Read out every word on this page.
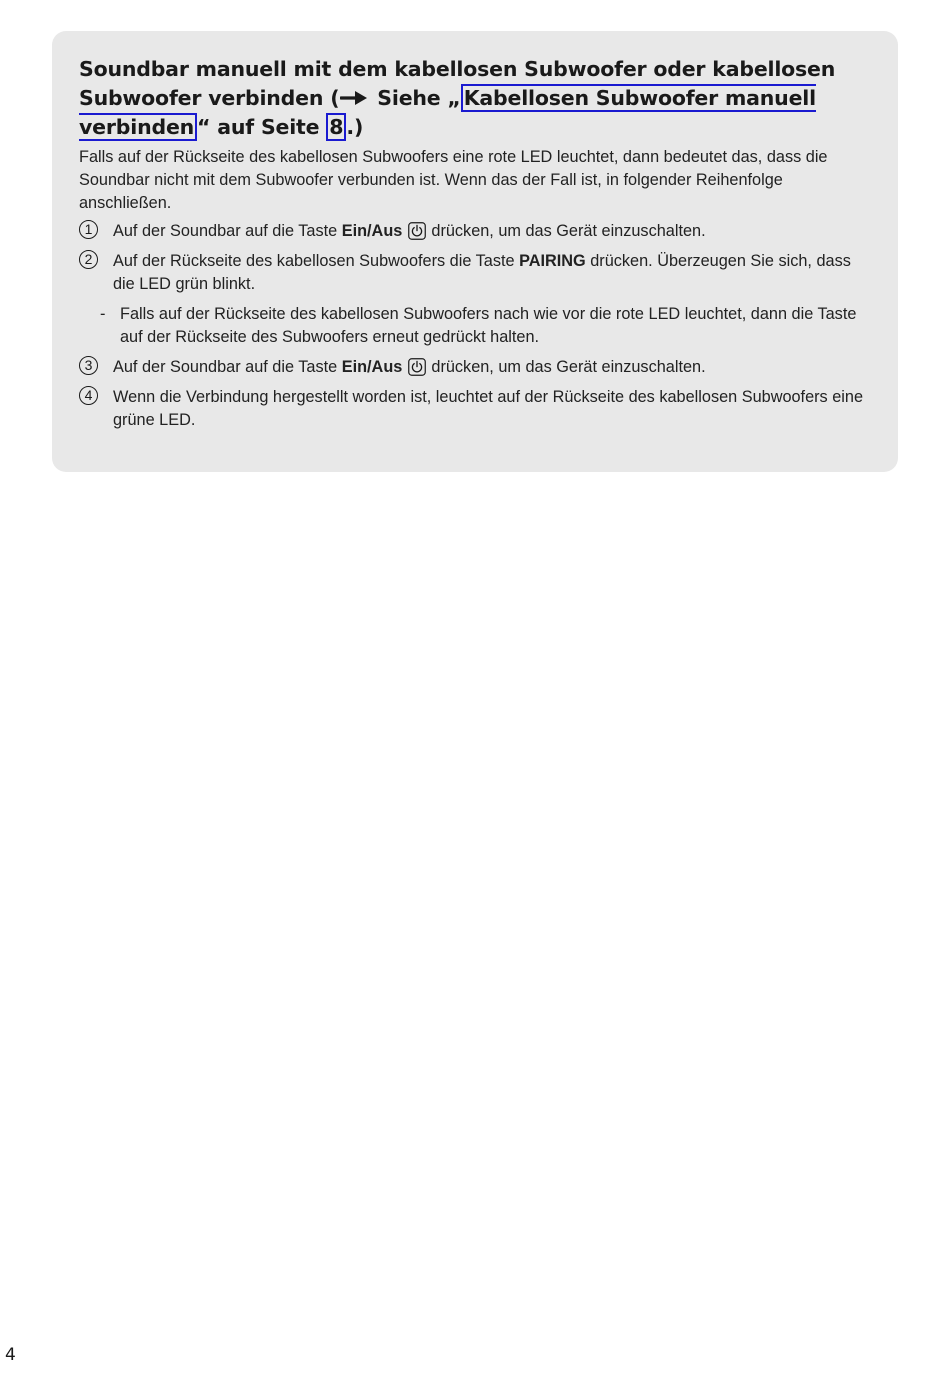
Soundbar manuell mit dem kabellosen Subwoofer oder kabellosen Subwoofer verbinden ( Siehe „ Kabellosen Subwoofer manuell verbinden “ auf Seite 8 .)

Falls auf der Rückseite des kabellosen Subwoofers eine rote LED leuchtet, dann bedeutet das, dass die Soundbar nicht mit dem Subwoofer verbunden ist. Wenn das der Fall ist, in folgender Reihenfolge anschließen.

1	Auf der Soundbar auf die Taste Ein/Aus  drücken, um das Gerät einzuschalten.
2	Auf der Rückseite des kabellosen Subwoofers die Taste PAIRING drücken. Überzeugen Sie sich, dass die LED grün blinkt.
- Falls auf der Rückseite des kabellosen Subwoofers nach wie vor die rote LED leuchtet, dann die Taste auf der Rückseite des Subwoofers erneut gedrückt halten.
3	Auf der Soundbar auf die Taste Ein/Aus  drücken, um das Gerät einzuschalten.
4	Wenn die Verbindung hergestellt worden ist, leuchtet auf der Rückseite des kabellosen Subwoofers eine grüne LED.
4
